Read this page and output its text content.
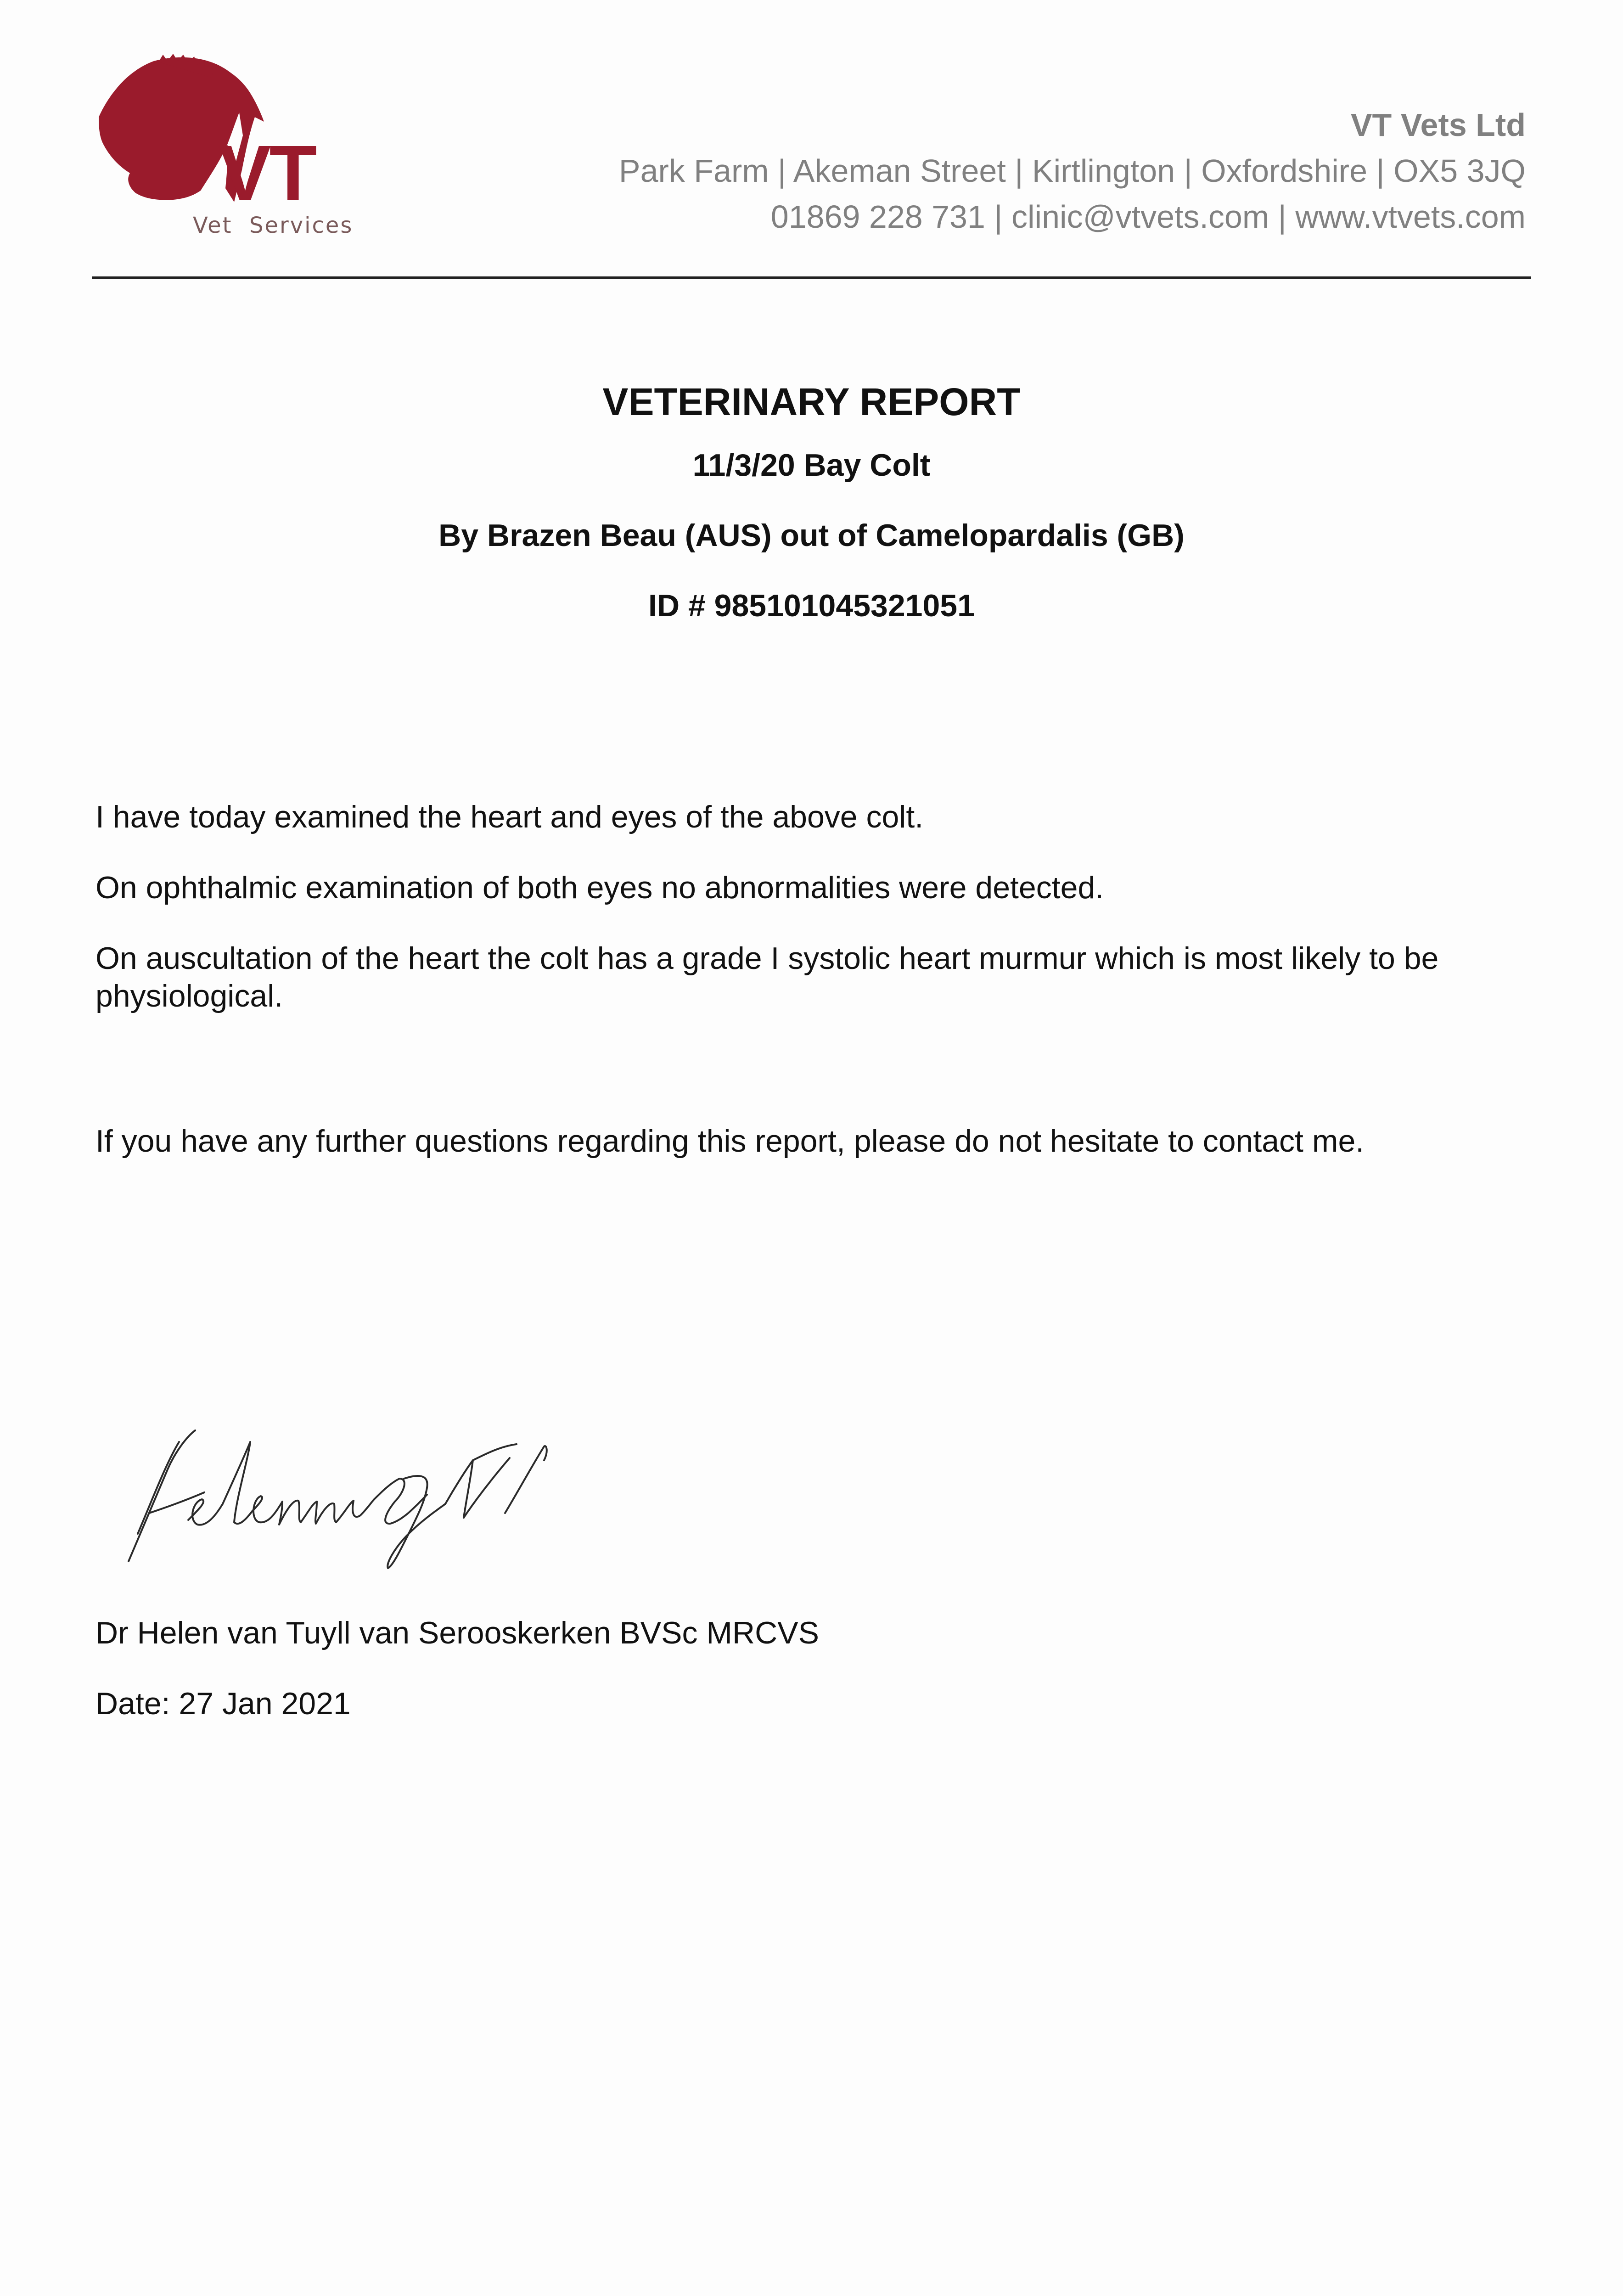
VT
Vet  Services
VT Vets Ltd
Park Farm | Akeman Street | Kirtlington | Oxfordshire | OX5 3JQ
01869 228 731 | clinic@vtvets.com | www.vtvets.com
VETERINARY REPORT
11/3/20 Bay Colt
By Brazen Beau (AUS) out of Camelopardalis (GB)
ID # 985101045321051

I have today examined the heart and eyes of the above colt.

On ophthalmic examination of both eyes no abnormalities were detected.

On auscultation of the heart the colt has a grade I systolic heart murmur which is most likely to be physiological.

If you have any further questions regarding this report, please do not hesitate to contact me.

Dr Helen van Tuyll van Serooskerken BVSc MRCVS

Date: 27 Jan 2021
